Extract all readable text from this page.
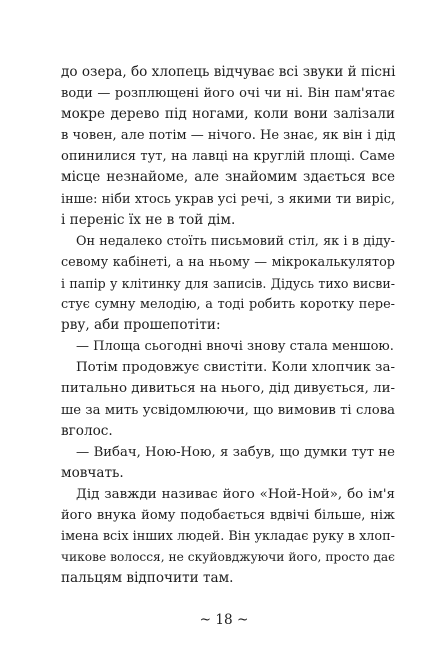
до озера, бо хлопець відчуває всі звуки й пісні
води — розплющені його очі чи ні. Він пам'ятає
мокре дерево під ногами, коли вони залізали
в човен, але потім — нічого. Не знає, як він і дід
опинилися тут, на лавці на круглій площі. Саме
місце незнайоме, але знайомим здається все
інше: ніби хтось украв усі речі, з якими ти виріс,
і переніс їх не в той дім.
Он недалеко стоїть письмовий стіл, як і в діду-
севому кабінеті, а на ньому — мікрокалькулятор
і папір у клітинку для записів. Дідусь тихо висви-
стує сумну мелодію, а тоді робить коротку пере-
рву, аби прошепотіти:
— Площа сьогодні вночі знову стала меншою.
Потім продовжує свистіти. Коли хлопчик за-
питально дивиться на нього, дід дивується, ли-
ше за мить усвідомлюючи, що вимовив ті слова
вголос.
— Вибач, Ною-Ною, я забув, що думки тут не
мовчать.
Дід завжди називає його «Ной-Ной», бо ім'я
його внука йому подобається вдвічі більше, ніж
імена всіх інших людей. Він укладає руку в хлоп-
чикове волосся, не скуйовджуючи його, просто дає
пальцям відпочити там.
~ 18 ~
